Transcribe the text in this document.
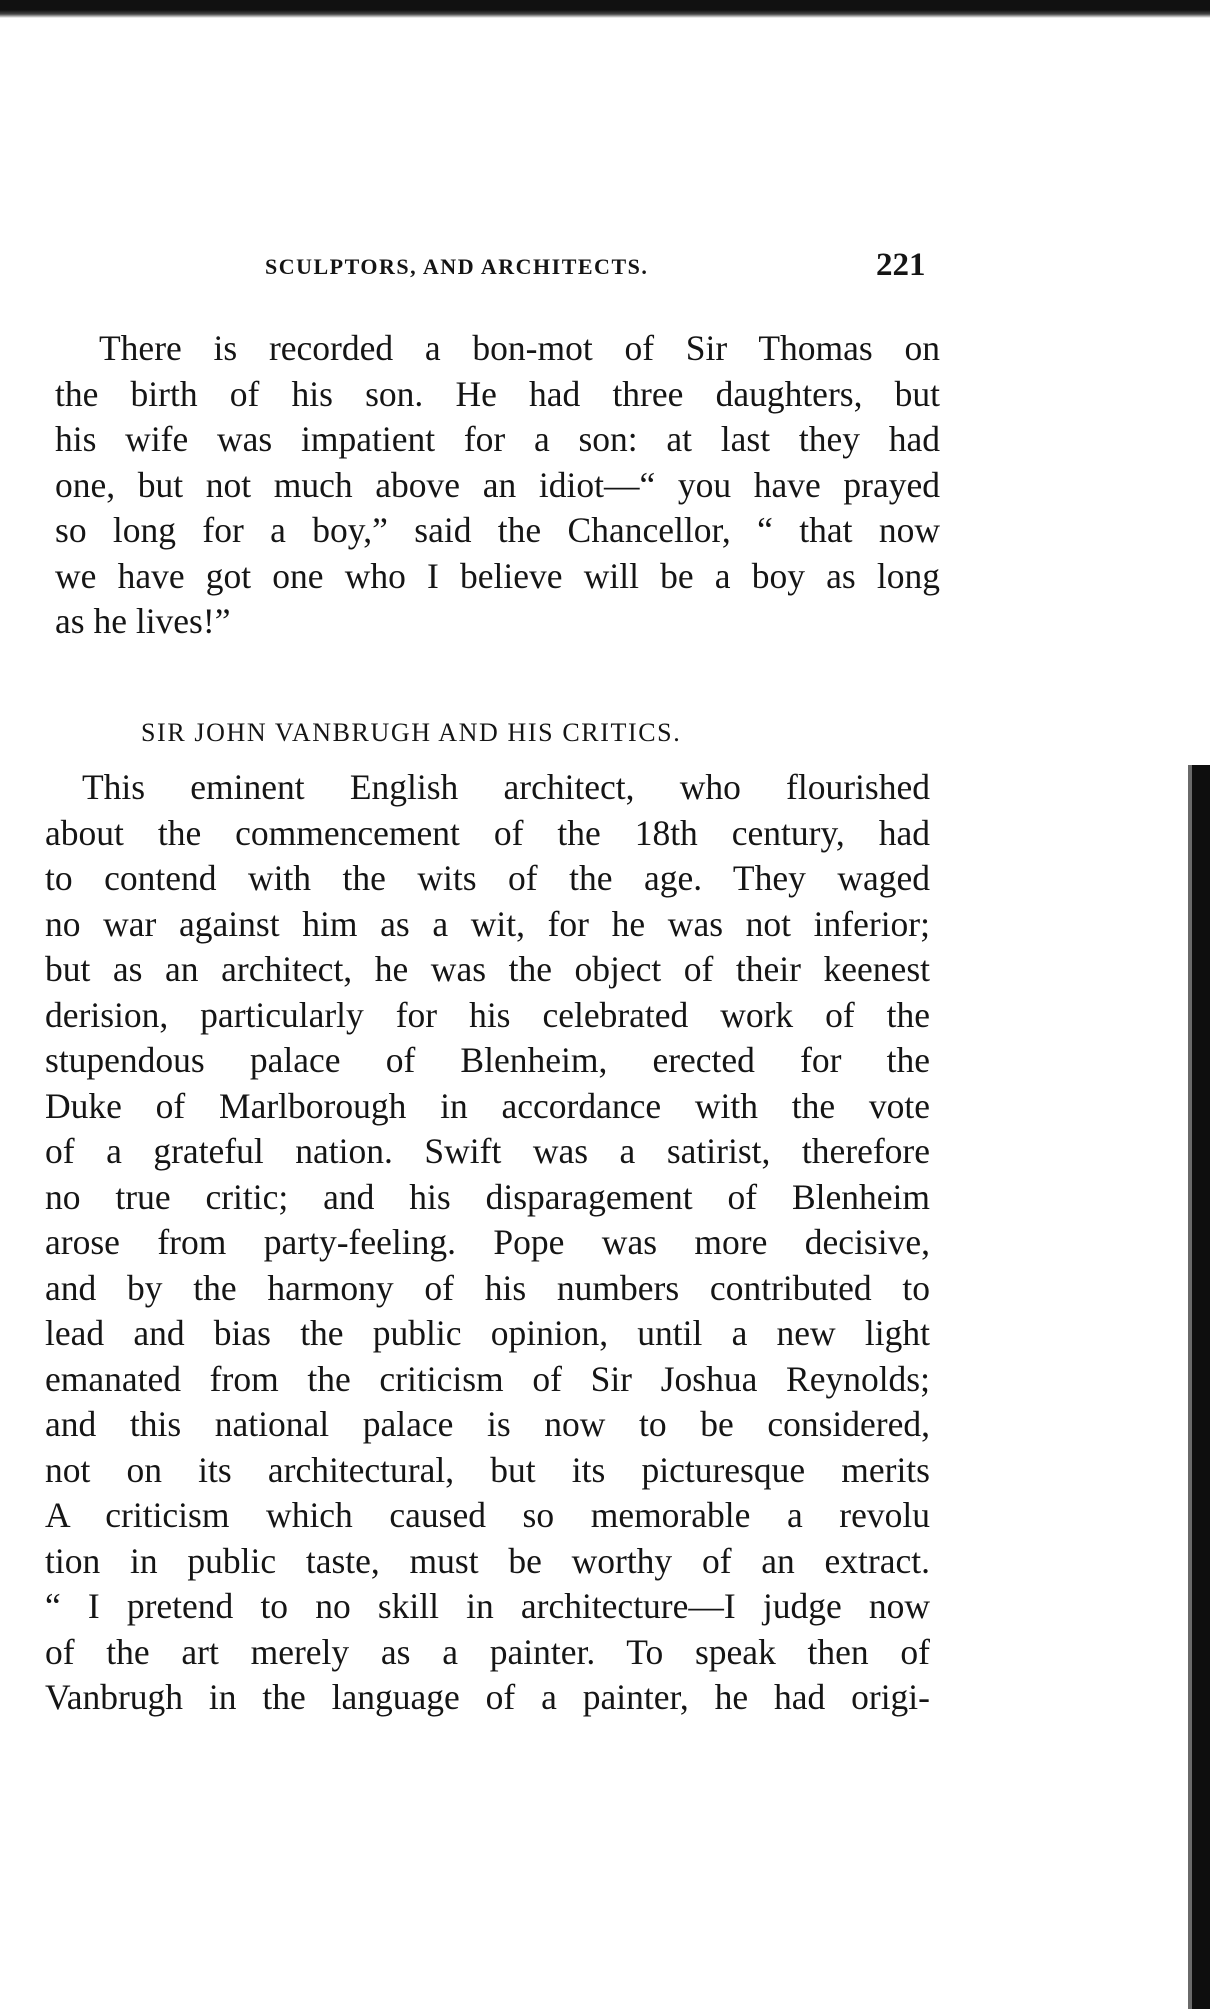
SCULPTORS, AND ARCHITECTS.	221
There is recorded a bon-mot of Sir Thomas on
the birth of his son. He had three daughters, but
his wife was impatient for a son: at last they had
one, but not much above an idiot—“ you have prayed
so long for a boy,” said the Chancellor, “ that now
we have got one who I believe will be a boy as long
as he lives!”
SIR JOHN VANBRUGH AND HIS CRITICS.
This eminent English architect, who flourished
about the commencement of the 18th century, had
to contend with the wits of the age. They waged
no war against him as a wit, for he was not inferior;
but as an architect, he was the object of their keenest
derision, particularly for his celebrated work of the
stupendous palace of Blenheim, erected for the
Duke of Marlborough in accordance with the vote
of a grateful nation. Swift was a satirist, therefore
no true critic; and his disparagement of Blenheim
arose from party-feeling. Pope was more decisive,
and by the harmony of his numbers contributed to
lead and bias the public opinion, until a new light
emanated from the criticism of Sir Joshua Reynolds;
and this national palace is now to be considered,
not on its architectural, but its picturesque merits
A criticism which caused so memorable a revolu
tion in public taste, must be worthy of an extract.
“ I pretend to no skill in architecture—I judge now
of the art merely as a painter. To speak then of
Vanbrugh in the language of a painter, he had origi-
